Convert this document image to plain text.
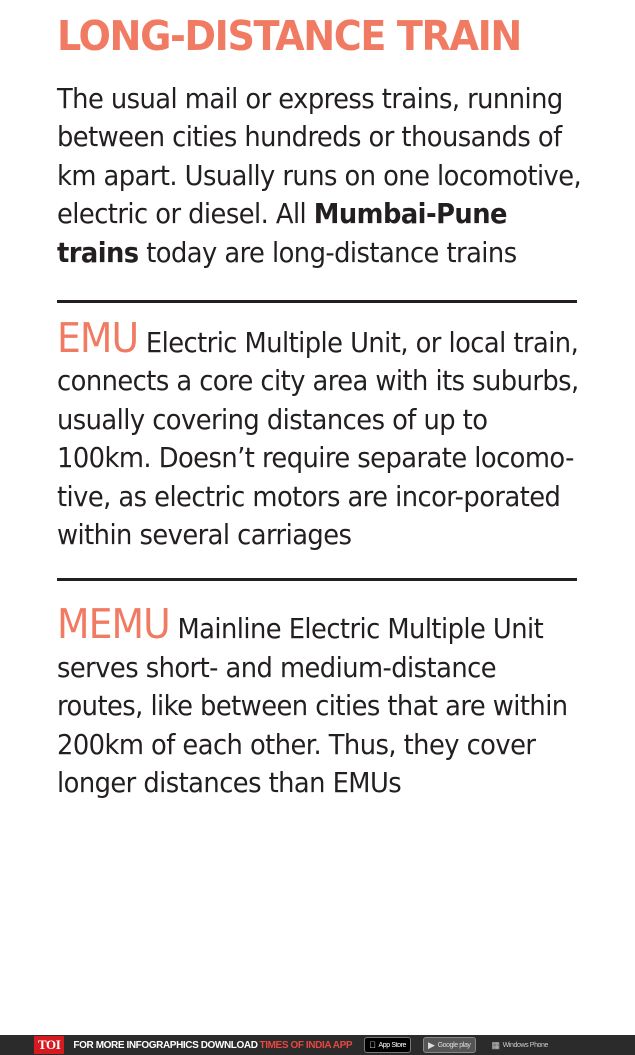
LONG-DISTANCE TRAIN

The usual mail or express trains, running between cities hundreds or thousands of km apart. Usually runs on one locomotive, electric or diesel. All Mumbai-Pune trains today are long-distance trains

EMU Electric Multiple Unit, or local train, connects a core city area with its suburbs, usually covering distances of up to 100km. Doesn’t require separate locomo-tive, as electric motors are incor-porated within several carriages

MEMU Mainline Electric Multiple Unit serves short- and medium-distance routes, like between cities that are within 200km of each other. Thus, they cover longer distances than EMUs

TOI	FOR MORE INFOGRAPHICS DOWNLOAD TIMES OF INDIA APP	App Store ▶ Google play ▦ Windows Phone
